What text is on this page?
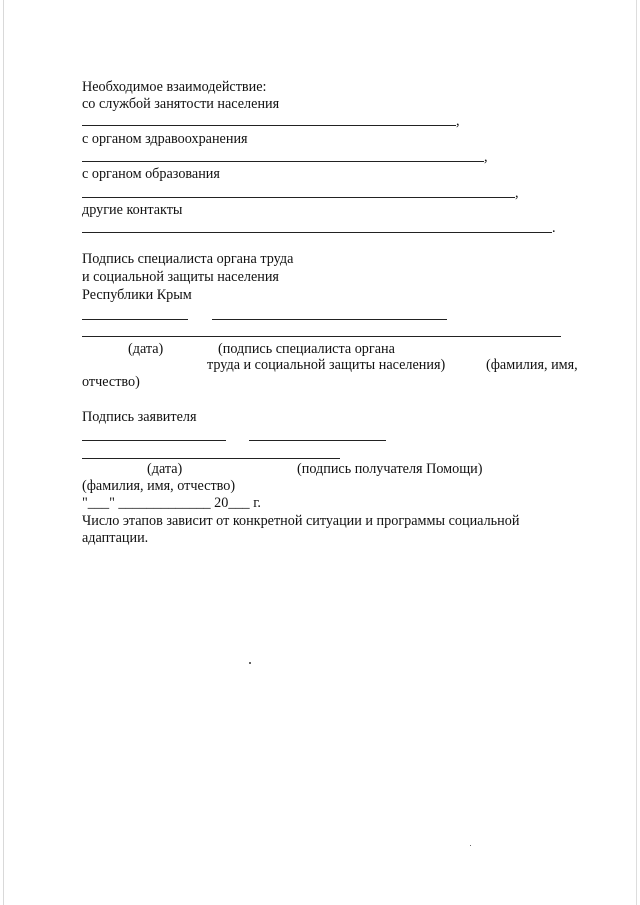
Необходимое взаимодействие:
со службой занятости населения
,
с органом здравоохранения
,
с органом образования
,
другие контакты
.
Подпись специалиста органа труда
и социальной защиты населения
Республики Крым
(дата)	(подпись специалиста органа
труда и социальной защиты населения)	(фамилия, имя,
отчество)
Подпись заявителя
(дата)	(подпись получателя Помощи)
(фамилия, имя, отчество)
"___" _____________ 20___ г.
Число этапов зависит от конкретной ситуации и программы социальной
адаптации.
